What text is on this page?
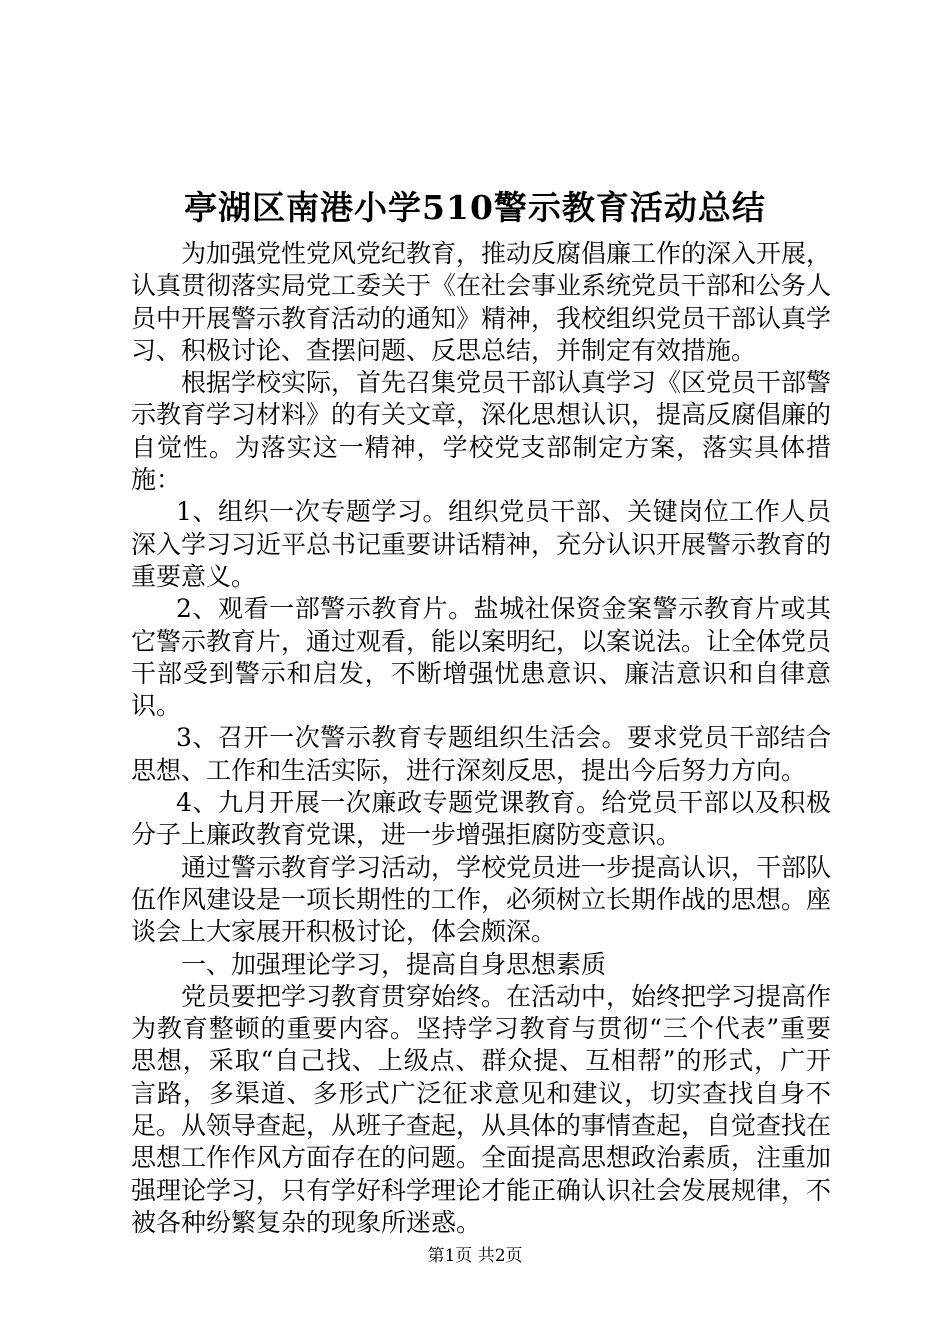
亭湖区南港小学510警示教育活动总结

为加强党性党风党纪教育，推动反腐倡廉工作的深入开展，认真贯彻落实局党工委关于《在社会事业系统党员干部和公务人员中开展警示教育活动的通知》精神，我校组织党员干部认真学习、积极讨论、查摆问题、反思总结，并制定有效措施。

根据学校实际，首先召集党员干部认真学习《区党员干部警示教育学习材料》的有关文章，深化思想认识，提高反腐倡廉的自觉性。为落实这一精神，学校党支部制定方案，落实具体措施：

1、组织一次专题学习。组织党员干部、关键岗位工作人员深入学习习近平总书记重要讲话精神，充分认识开展警示教育的重要意义。

2、观看一部警示教育片。盐城社保资金案警示教育片或其它警示教育片，通过观看，能以案明纪，以案说法。让全体党员干部受到警示和启发，不断增强忧患意识、廉洁意识和自律意识。

3、召开一次警示教育专题组织生活会。要求党员干部结合思想、工作和生活实际，进行深刻反思，提出今后努力方向。

4、九月开展一次廉政专题党课教育。给党员干部以及积极分子上廉政教育党课，进一步增强拒腐防变意识。

通过警示教育学习活动，学校党员进一步提高认识，干部队伍作风建设是一项长期性的工作，必须树立长期作战的思想。座谈会上大家展开积极讨论，体会颇深。

一、加强理论学习，提高自身思想素质

党员要把学习教育贯穿始终。在活动中，始终把学习提高作为教育整顿的重要内容。坚持学习教育与贯彻“三个代表”重要思想，采取“自己找、上级点、群众提、互相帮”的形式，广开言路，多渠道、多形式广泛征求意见和建议，切实查找自身不足。从领导查起，从班子查起，从具体的事情查起，自觉查找在思想工作作风方面存在的问题。全面提高思想政治素质，注重加强理论学习，只有学好科学理论才能正确认识社会发展规律，不被各种纷繁复杂的现象所迷惑。

第1页 共2页
